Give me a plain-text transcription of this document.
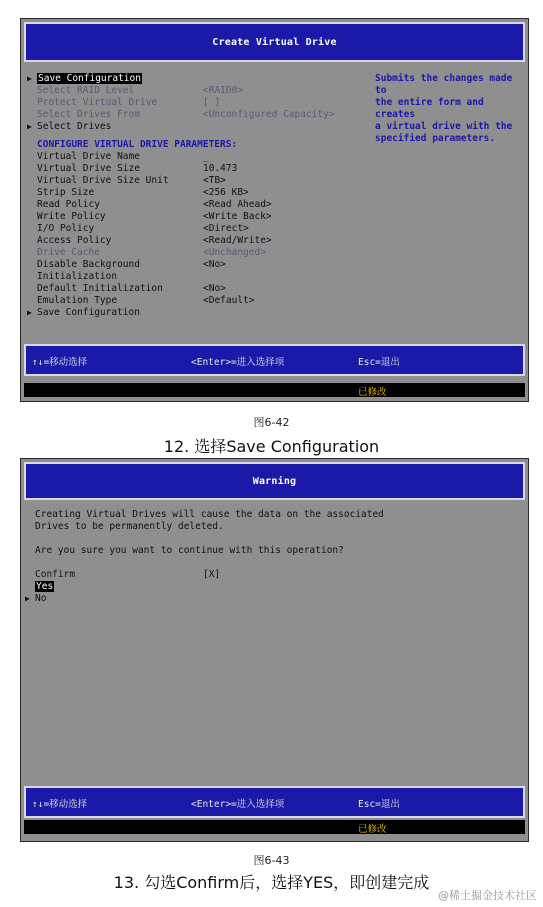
Create Virtual Drive
▶ Save Configuration
Select RAID Level	<RAID0>
Protect Virtual Drive	[ ]
Select Drives From	<Unconfigured Capacity>
▶ Select Drives
CONFIGURE VIRTUAL DRIVE PARAMETERS:
Virtual Drive Name	_
Virtual Drive Size	10.473
Virtual Drive Size Unit	<TB>
Strip Size	<256 KB>
Read Policy	<Read Ahead>
Write Policy	<Write Back>
I/O Policy	<Direct>
Access Policy	<Read/Write>
Drive Cache	<Unchanged>
Disable Background	<No>
Initialization
Default Initialization	<No>
Emulation Type	<Default>
▶ Save Configuration
Submits the changes made to
the entire form and creates
a virtual drive with the
specified parameters.
↑↓=移动选择	<Enter>=进入选择项	Esc=退出
已修改
图6-42
12. 选择Save Configuration
Warning
Creating Virtual Drives will cause the data on the associated
Drives to be permanently deleted.
Are you sure you want to continue with this operation?
Confirm	[X]
Yes
▶ No
↑↓=移动选择	<Enter>=进入选择项	Esc=退出
已修改
图6-43
13. 勾选Confirm后，选择YES，即创建完成
@稀土掘金技术社区
